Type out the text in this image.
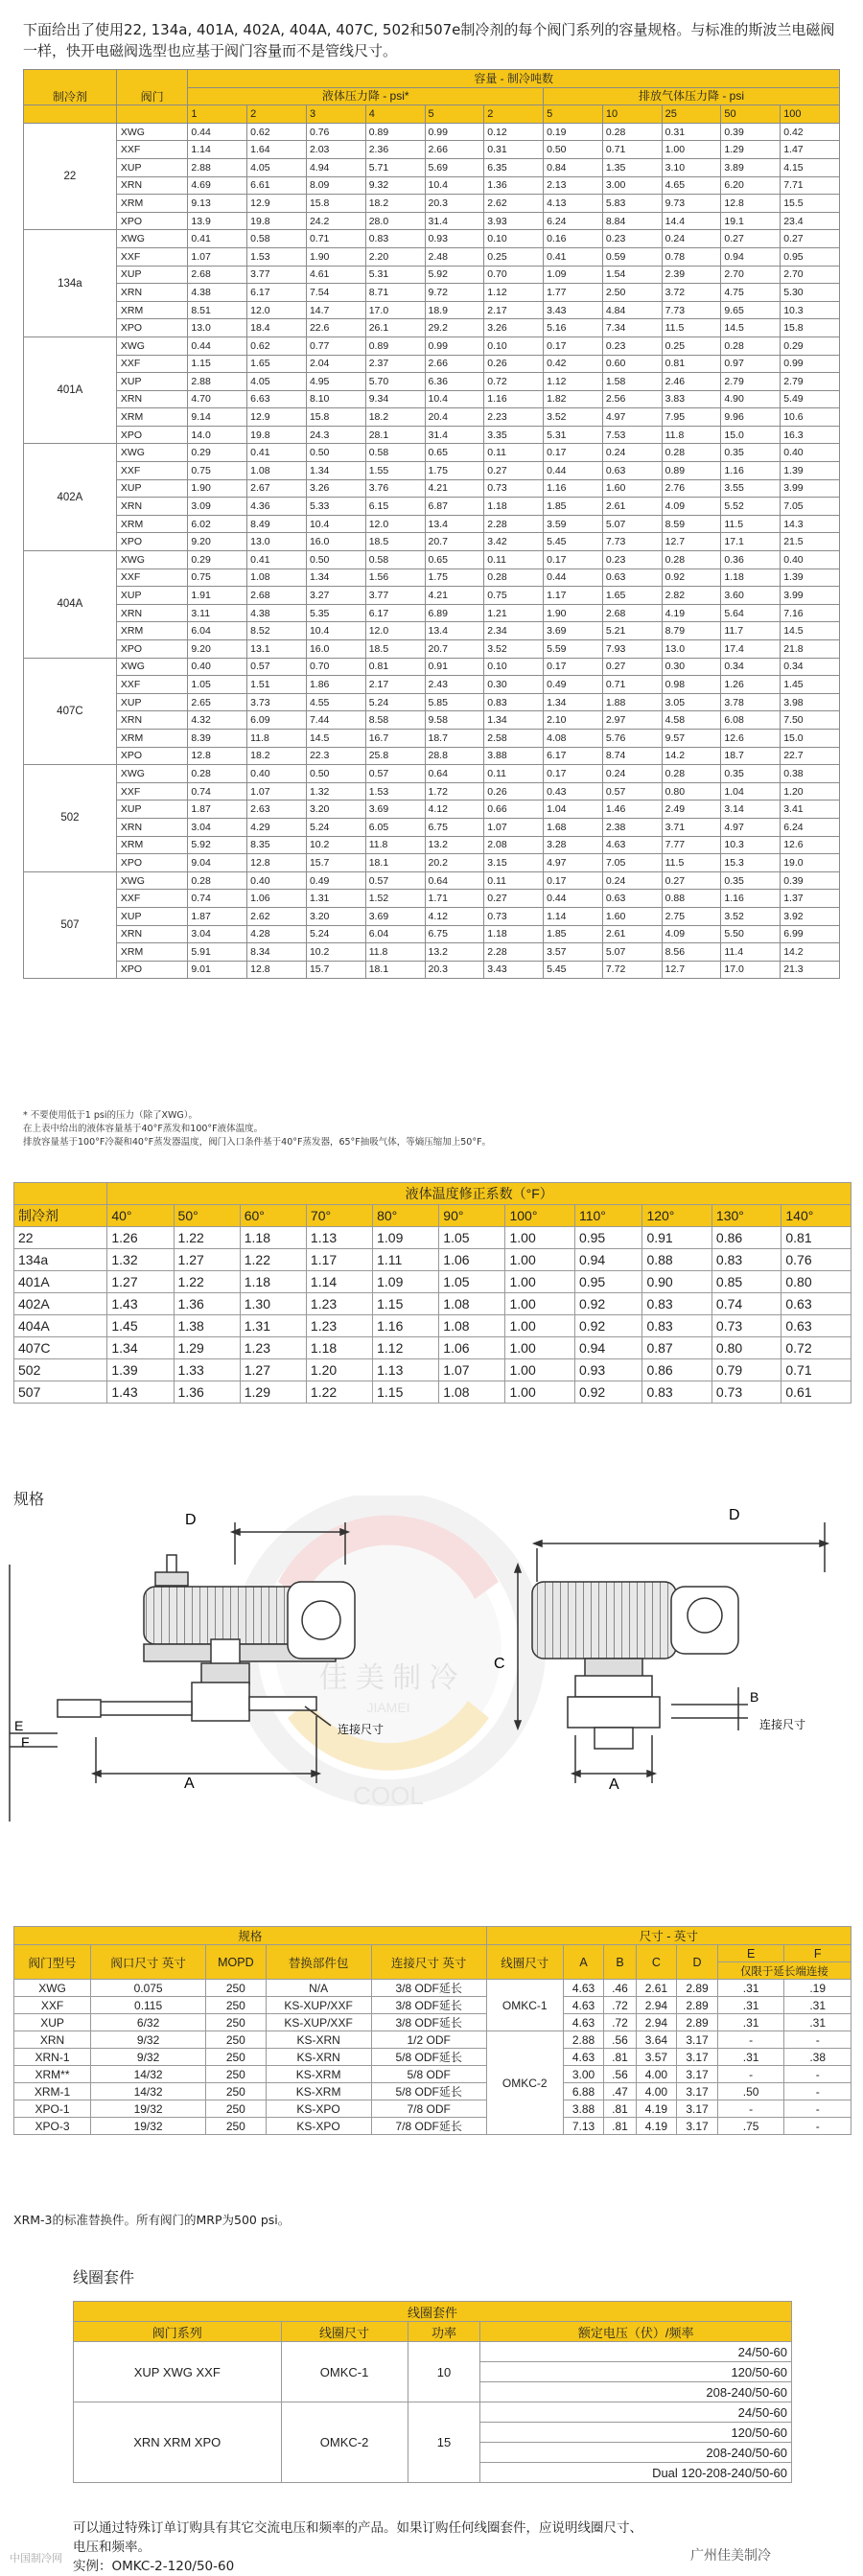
下面给出了使用22, 134a, 401A, 402A, 404A, 407C, 502和507e制冷剂的每个阀门系列的容量规格。与标准的斯波兰电磁阀一样，快开电磁阀选型也应基于阀门容量而不是管线尺寸。
制冷剂	阀门	容量 - 制冷吨数										
		液体压力降 - psi*						排放气体压力降 - psi				
		1	2	3	4	5	2	5	10	25	50	100
22	XWG	0.44	0.62	0.76	0.89	0.99	0.12	0.19	0.28	0.31	0.39	0.42
	XXF	1.14	1.64	2.03	2.36	2.66	0.31	0.50	0.71	1.00	1.29	1.47
	XUP	2.88	4.05	4.94	5.71	5.69	6.35	0.84	1.35	3.10	3.89	4.15
	XRN	4.69	6.61	8.09	9.32	10.4	1.36	2.13	3.00	4.65	6.20	7.71
	XRM	9.13	12.9	15.8	18.2	20.3	2.62	4.13	5.83	9.73	12.8	15.5
	XPO	13.9	19.8	24.2	28.0	31.4	3.93	6.24	8.84	14.4	19.1	23.4
134a	XWG	0.41	0.58	0.71	0.83	0.93	0.10	0.16	0.23	0.24	0.27	0.27
	XXF	1.07	1.53	1.90	2.20	2.48	0.25	0.41	0.59	0.78	0.94	0.95
	XUP	2.68	3.77	4.61	5.31	5.92	0.70	1.09	1.54	2.39	2.70	2.70
	XRN	4.38	6.17	7.54	8.71	9.72	1.12	1.77	2.50	3.72	4.75	5.30
	XRM	8.51	12.0	14.7	17.0	18.9	2.17	3.43	4.84	7.73	9.65	10.3
	XPO	13.0	18.4	22.6	26.1	29.2	3.26	5.16	7.34	11.5	14.5	15.8
401A	XWG	0.44	0.62	0.77	0.89	0.99	0.10	0.17	0.23	0.25	0.28	0.29
	XXF	1.15	1.65	2.04	2.37	2.66	0.26	0.42	0.60	0.81	0.97	0.99
	XUP	2.88	4.05	4.95	5.70	6.36	0.72	1.12	1.58	2.46	2.79	2.79
	XRN	4.70	6.63	8.10	9.34	10.4	1.16	1.82	2.56	3.83	4.90	5.49
	XRM	9.14	12.9	15.8	18.2	20.4	2.23	3.52	4.97	7.95	9.96	10.6
	XPO	14.0	19.8	24.3	28.1	31.4	3.35	5.31	7.53	11.8	15.0	16.3
402A	XWG	0.29	0.41	0.50	0.58	0.65	0.11	0.17	0.24	0.28	0.35	0.40
	XXF	0.75	1.08	1.34	1.55	1.75	0.27	0.44	0.63	0.89	1.16	1.39
	XUP	1.90	2.67	3.26	3.76	4.21	0.73	1.16	1.60	2.76	3.55	3.99
	XRN	3.09	4.36	5.33	6.15	6.87	1.18	1.85	2.61	4.09	5.52	7.05
	XRM	6.02	8.49	10.4	12.0	13.4	2.28	3.59	5.07	8.59	11.5	14.3
	XPO	9.20	13.0	16.0	18.5	20.7	3.42	5.45	7.73	12.7	17.1	21.5
404A	XWG	0.29	0.41	0.50	0.58	0.65	0.11	0.17	0.23	0.28	0.36	0.40
	XXF	0.75	1.08	1.34	1.56	1.75	0.28	0.44	0.63	0.92	1.18	1.39
	XUP	1.91	2.68	3.27	3.77	4.21	0.75	1.17	1.65	2.82	3.60	3.99
	XRN	3.11	4.38	5.35	6.17	6.89	1.21	1.90	2.68	4.19	5.64	7.16
	XRM	6.04	8.52	10.4	12.0	13.4	2.34	3.69	5.21	8.79	11.7	14.5
	XPO	9.20	13.1	16.0	18.5	20.7	3.52	5.59	7.93	13.0	17.4	21.8
407C	XWG	0.40	0.57	0.70	0.81	0.91	0.10	0.17	0.27	0.30	0.34	0.34
	XXF	1.05	1.51	1.86	2.17	2.43	0.30	0.49	0.71	0.98	1.26	1.45
	XUP	2.65	3.73	4.55	5.24	5.85	0.83	1.34	1.88	3.05	3.78	3.98
	XRN	4.32	6.09	7.44	8.58	9.58	1.34	2.10	2.97	4.58	6.08	7.50
	XRM	8.39	11.8	14.5	16.7	18.7	2.58	4.08	5.76	9.57	12.6	15.0
	XPO	12.8	18.2	22.3	25.8	28.8	3.88	6.17	8.74	14.2	18.7	22.7
502	XWG	0.28	0.40	0.50	0.57	0.64	0.11	0.17	0.24	0.28	0.35	0.38
	XXF	0.74	1.07	1.32	1.53	1.72	0.26	0.43	0.57	0.80	1.04	1.20
	XUP	1.87	2.63	3.20	3.69	4.12	0.66	1.04	1.46	2.49	3.14	3.41
	XRN	3.04	4.29	5.24	6.05	6.75	1.07	1.68	2.38	3.71	4.97	6.24
	XRM	5.92	8.35	10.2	11.8	13.2	2.08	3.28	4.63	7.77	10.3	12.6
	XPO	9.04	12.8	15.7	18.1	20.2	3.15	4.97	7.05	11.5	15.3	19.0
507	XWG	0.28	0.40	0.49	0.57	0.64	0.11	0.17	0.24	0.27	0.35	0.39
	XXF	0.74	1.06	1.31	1.52	1.71	0.27	0.44	0.63	0.88	1.16	1.37
	XUP	1.87	2.62	3.20	3.69	4.12	0.73	1.14	1.60	2.75	3.52	3.92
	XRN	3.04	4.28	5.24	6.04	6.75	1.18	1.85	2.61	4.09	5.50	6.99
	XRM	5.91	8.34	10.2	11.8	13.2	2.28	3.57	5.07	8.56	11.4	14.2
	XPO	9.01	12.8	15.7	18.1	20.3	3.43	5.45	7.72	12.7	17.0	21.3
* 不要使用低于1 psi的压力（除了XWG）。
在上表中给出的液体容量基于40°F蒸发和100°F液体温度。
排放容量基于100°F冷凝和40°F蒸发器温度，阀门入口条件基于40°F蒸发器，65°F抽吸气体，等熵压缩加上50°F。
	液体温度修正系数（°F）										
制冷剂	40°	50°	60°	70°	80°	90°	100°	110°	120°	130°	140°
22	1.26	1.22	1.18	1.13	1.09	1.05	1.00	0.95	0.91	0.86	0.81
134a	1.32	1.27	1.22	1.17	1.11	1.06	1.00	0.94	0.88	0.83	0.76
401A	1.27	1.22	1.18	1.14	1.09	1.05	1.00	0.95	0.90	0.85	0.80
402A	1.43	1.36	1.30	1.23	1.15	1.08	1.00	0.92	0.83	0.74	0.63
404A	1.45	1.38	1.31	1.23	1.16	1.08	1.00	0.92	0.83	0.73	0.63
407C	1.34	1.29	1.23	1.18	1.12	1.06	1.00	0.94	0.87	0.80	0.72
502	1.39	1.33	1.27	1.20	1.13	1.07	1.00	0.93	0.86	0.79	0.71
507	1.43	1.36	1.29	1.22	1.15	1.08	1.00	0.92	0.83	0.73	0.61
规格
佳 美 制 冷
JIAMEI
COOL
D
A
E
F
连接尺寸
D
C
A
B
连接尺寸
规格					尺寸 - 英寸						
阀门型号	阀口尺寸 英寸	MOPD	替换部件包	连接尺寸 英寸	线圈尺寸	A	B	C	D	E	F
										仅限于延长端连接	
XWG	0.075	250	N/A	3/8 ODF延长	OMKC-1	4.63	.46	2.61	2.89	.31	.19
XXF	0.115	250	KS-XUP/XXF	3/8 ODF延长		4.63	.72	2.94	2.89	.31	.31
XUP	6/32	250	KS-XUP/XXF	3/8 ODF延长		4.63	.72	2.94	2.89	.31	.31
XRN	9/32	250	KS-XRN	1/2 ODF	OMKC-2	2.88	.56	3.64	3.17	-	-
XRN-1	9/32	250	KS-XRN	5/8 ODF延长		4.63	.81	3.57	3.17	.31	.38
XRM**	14/32	250	KS-XRM	5/8 ODF		3.00	.56	4.00	3.17	-	-
XRM-1	14/32	250	KS-XRM	5/8 ODF延长		6.88	.47	4.00	3.17	.50	-
XPO-1	19/32	250	KS-XPO	7/8 ODF		3.88	.81	4.19	3.17	-	-
XPO-3	19/32	250	KS-XPO	7/8 ODF延长		7.13	.81	4.19	3.17	.75	-
XRM-3的标准替换件。所有阀门的MRP为500 psi。
线圈套件
线圈套件			
阀门系列	线圈尺寸	功率	额定电压（伏）/频率
XUP XWG XXF	OMKC-1	10	24/50-60
			120/50-60
			208-240/50-60
XRN XRM XPO	OMKC-2	15	24/50-60
			120/50-60
			208-240/50-60
			Dual 120-208-240/50-60
可以通过特殊订单订购具有其它交流电压和频率的产品。如果订购任何线圈套件，应说明线圈尺寸、
电压和频率。
实例：OMKC-2-120/50-60
中国制冷网	广州佳美制冷
